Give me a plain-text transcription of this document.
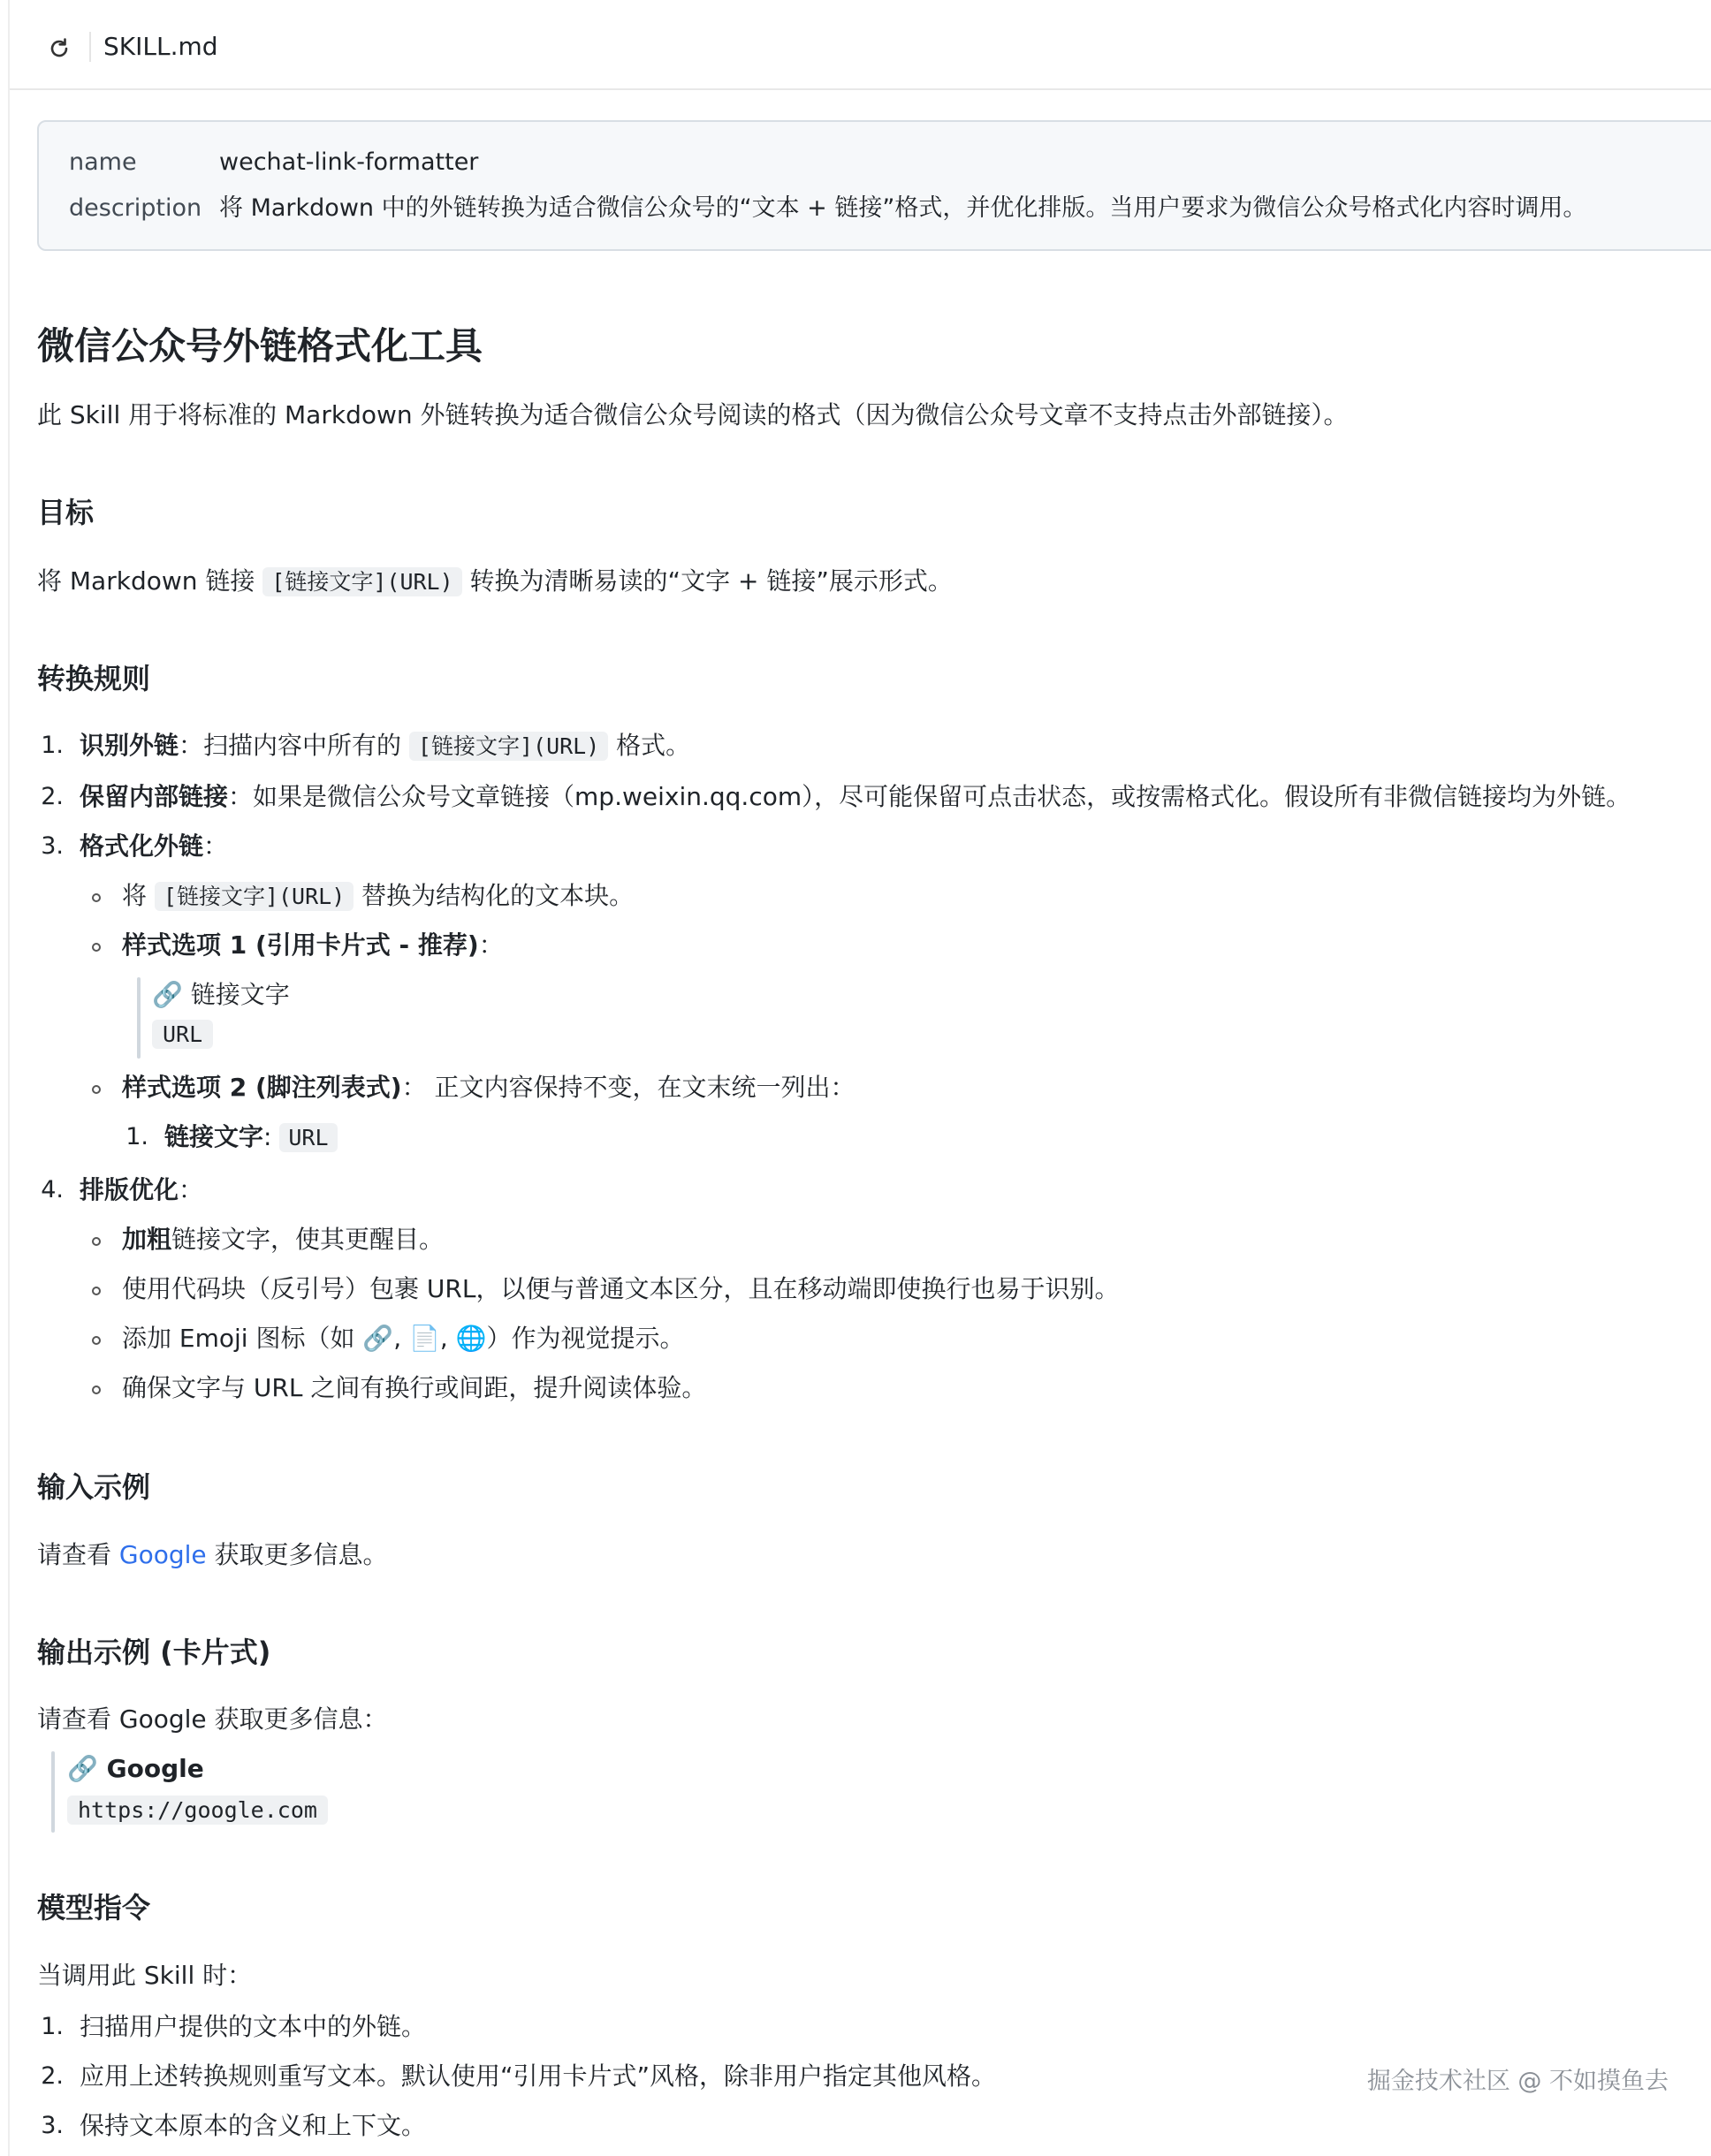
SKILL.md
name	wechat-link-formatter
description 将 Markdown 中的外链转换为适合微信公众号的“文本 + 链接”格式，并优化排版。当用户要求为微信公众号格式化内容时调用。
微信公众号外链格式化工具
此 Skill 用于将标准的 Markdown 外链转换为适合微信公众号阅读的格式（因为微信公众号文章不支持点击外部链接）。
目标
将 Markdown 链接 [链接文字](URL) 转换为清晰易读的“文字 + 链接”展示形式。
转换规则
1. 识别外链：扫描内容中所有的 [链接文字](URL) 格式。
2. 保留内部链接：如果是微信公众号文章链接（mp.weixin.qq.com），尽可能保留可点击状态，或按需格式化。假设所有非微信链接均为外链。
3. 格式化外链：
将 [链接文字](URL) 替换为结构化的文本块。
样式选项 1 (引用卡片式 - 推荐)：
🔗 链接文字
URL
样式选项 2 (脚注列表式)： 正文内容保持不变，在文末统一列出：
1. 链接文字: URL
4. 排版优化：
加粗链接文字，使其更醒目。
使用代码块（反引号）包裹 URL，以便与普通文本区分，且在移动端即使换行也易于识别。
添加 Emoji 图标（如 🔗, 📄, 🌐）作为视觉提示。
确保文字与 URL 之间有换行或间距，提升阅读体验。
输入示例
请查看 Google 获取更多信息。
输出示例 (卡片式)
请查看 Google 获取更多信息：
🔗 Google
https://google.com
模型指令
当调用此 Skill 时：
1. 扫描用户提供的文本中的外链。
2. 应用上述转换规则重写文本。默认使用“引用卡片式”风格，除非用户指定其他风格。
3. 保持文本原本的含义和上下文。
掘金技术社区 @ 不如摸鱼去
